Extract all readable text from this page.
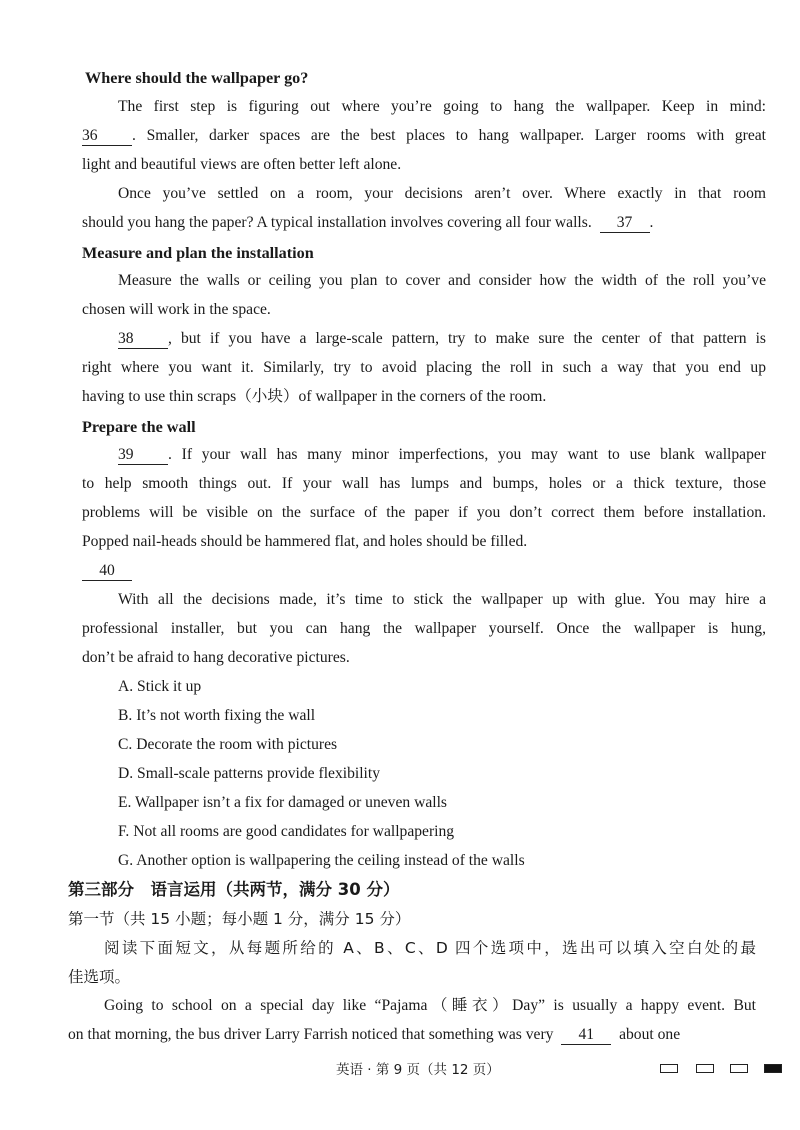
Where should the wallpaper go?
The first step is figuring out where you’re going to hang the wallpaper. Keep in mind:
36 . Smaller, darker spaces are the best places to hang wallpaper. Larger rooms with great
light and beautiful views are often better left alone.
Once you’ve settled on a room, your decisions aren’t over. Where exactly in that room
should you hang the paper? A typical installation involves covering all four walls. 37 .
Measure and plan the installation
Measure the walls or ceiling you plan to cover and consider how the width of the roll you’ve
chosen will work in the space.
38 , but if you have a large-scale pattern, try to make sure the center of that pattern is
right where you want it. Similarly, try to avoid placing the roll in such a way that you end up
having to use thin scraps（小块）of wallpaper in the corners of the room.
Prepare the wall
39 . If your wall has many minor imperfections, you may want to use blank wallpaper
to help smooth things out. If your wall has lumps and bumps, holes or a thick texture, those
problems will be visible on the surface of the paper if you don’t correct them before installation.
Popped nail-heads should be hammered flat, and holes should be filled.
40
With all the decisions made, it’s time to stick the wallpaper up with glue. You may hire a
professional installer, but you can hang the wallpaper yourself. Once the wallpaper is hung,
don’t be afraid to hang decorative pictures.
A. Stick it up
B. It’s not worth fixing the wall
C. Decorate the room with pictures
D. Small-scale patterns provide flexibility
E. Wallpaper isn’t a fix for damaged or uneven walls
F. Not all rooms are good candidates for wallpapering
G. Another option is wallpapering the ceiling instead of the walls
第三部分　语言运用（共两节，满分 30 分）
第一节（共 15 小题；每小题 1 分，满分 15 分）
阅读下面短文，从每题所给的 A、B、C、D 四个选项中，选出可以填入空白处的最
佳选项。
Going to school on a special day like “Pajama（睡衣）Day” is usually a happy event. But
on that morning, the bus driver Larry Farrish noticed that something was very 41 about one
英语 · 第 9 页（共 12 页）
